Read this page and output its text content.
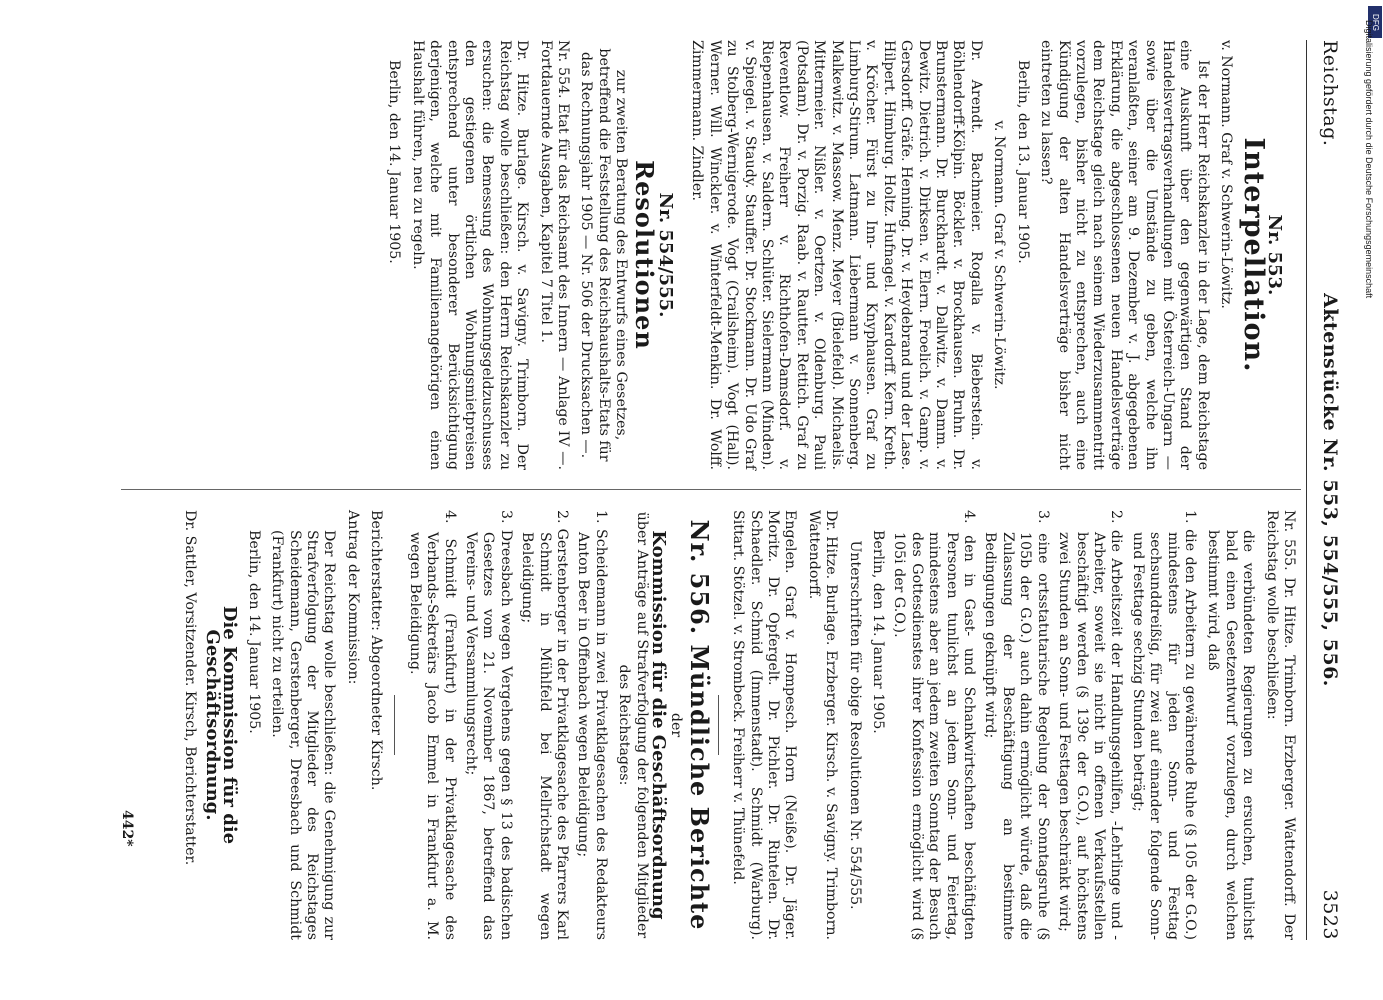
Reichstag.
Aktenstücke Nr. 553, 554/555, 556.
3523
Nr. 553.
Interpellation.

v. Normann. Graf v. Schwerin-Löwitz.

Ist der Herr Reichskanzler in der Lage, dem Reichstage eine Auskunft über den gegenwärtigen Stand der Handelsvertragsverhandlungen mit Österreich-Ungarn — sowie über die Umstände zu geben, welche ihn veranlaßten, seiner am 9. Dezember v. J. abgegebenen Erklärung, die abgeschlossenen neuen Handelsverträge dem Reichstage gleich nach seinem Wiederzusammentritt vorzulegen, bisher nicht zu entsprechen, auch eine Kündigung der alten Handelsverträge bisher nicht eintreten zu lassen?

Berlin, den 13. Januar 1905.

v. Normann. Graf v. Schwerin-Löwitz.

Dr. Arendt. Bachmeier. Rogalla v. Bieberstein. v. Böhlendorff-Kölpin. Böckler. v. Brockhausen. Bruhn. Dr. Brunstermann. Dr. Burckhardt. v. Dallwitz. v. Damm. v. Dewitz. Dietrich. v. Dirksen. v. Elern. Froelich. v. Gamp. v. Gersdorff. Gräfe. Henning. Dr. v. Heydebrand und der Lase. Hilpert. Himburg. Holtz. Hufnagel. v. Kardorff. Kern. Kreth. v. Kröcher. Fürst zu Inn- und Knyphausen. Graf zu Limburg-Stirum. Latmann. Liebermann v. Sonnenberg. Malkewitz. v. Massow. Menz. Meyer (Bielefeld). Michaelis. Mittermeier. Nißler. v. Oertzen. v. Oldenburg. Pauli (Potsdam). Dr. v. Porzig. Raab. v. Rautter. Rettich. Graf zu Reventlow. Freiherr v. Richthofen-Damsdorf. v. Riepenhausen. v. Saldern. Schlüter. Sielermann (Minden). v. Spiegel. v. Staudy. Stauffer. Dr. Stockmann. Dr. Udo Graf zu Stolberg-Wernigerode. Vogt (Crailsheim). Vogt (Hall). Werner. Will. Winckler. v. Winterfeldt-Menkin. Dr. Wolff. Zimmermann. Zindler.

Nr. 554/555.
Resolutionen

zur zweiten Beratung des Entwurfs eines Gesetzes, betreffend die Feststellung des Reichshaushalts-Etats für das Rechnungsjahr 1905 — Nr. 506 der Drucksachen —.

Nr. 554. Etat für das Reichsamt des Innern — Anlage IV —. Fortdauernde Ausgaben, Kapitel 7 Titel 1.

Dr. Hitze. Burlage. Kirsch. v. Savigny. Trimborn. Der Reichstag wolle beschließen: den Herrn Reichskanzler zu ersuchen: die Bemessung des Wohnungsgeldzuschusses den gestiegenen örtlichen Wohnungsmietpreisen entsprechend unter besonderer Berücksichtigung derjenigen, welche mit Familienangehörigen einen Haushalt führen, neu zu regeln.

Berlin, den 14. Januar 1905.

Nr. 555. Dr. Hitze. Trimborn. Erzberger. Wattendorff. Der Reichstag wolle beschließen:

die verbündeten Regierungen zu ersuchen, tunlichst bald einen Gesetzentwurf vorzulegen, durch welchen bestimmt wird, daß

1. die den Arbeitern zu gewährende Ruhe (§ 105 der G.O.) mindestens für jeden Sonn- und Festtag sechsunddreißig, für zwei auf einander folgende Sonn- und Festtage sechzig Stunden beträgt;
2. die Arbeitszeit der Handlungsgehilfen, -Lehrlinge und -Arbeiter, soweit sie nicht in offenen Verkaufsstellen beschäftigt werden (§ 139c der G.O.), auf höchstens zwei Stunden an Sonn- und Festtagen beschränkt wird;
3. eine ortsstatutarische Regelung der Sonntagsruhe (§ 105b der G.O.) auch dahin ermöglicht würde, daß die Zulassung der Beschäftigung an bestimmte Bedingungen geknüpft wird;
4. den in Gast- und Schankwirtschaften beschäftigten Personen tunlichst an jedem Sonn- und Feiertag, mindestens aber an jedem zweiten Sonntag der Besuch des Gottesdienstes ihrer Konfession ermöglicht wird (§ 105i der G.O.).

Berlin, den 14. Januar 1905.

Unterschriften für obige Resolutionen Nr. 554/555.

Dr. Hitze. Burlage. Erzberger. Kirsch. v. Savigny. Trimborn. Wattendorff.

Engelen. Graf v. Hompesch. Horn (Neiße). Dr. Jäger. Moritz. Dr. Opfergelt. Dr. Pichler. Dr. Rintelen. Dr. Schaedler. Schmid (Immenstadt). Schmidt (Warburg). Sittart. Stötzel. v. Strombeck. Freiherr v. Thünefeld.

Nr. 556. Mündliche Berichte
der
Kommission für die Geschäftsordnung

über Anträge auf Strafverfolgung der folgenden Mitglieder des Reichstages:

1. Scheidemann in zwei Privatklagesachen des Redakteurs Anton Beer in Offenbach wegen Beleidigung;
2. Gerstenberger in der Privatklagesache des Pfarrers Karl Schmidt in Mühlfeld bei Mellrichstadt wegen Beleidigung;
3. Dreesbach wegen Vergehens gegen § 13 des badischen Gesetzes vom 21. November 1867, betreffend das Vereins- und Versammlungsrecht;
4. Schmidt (Frankfurt) in der Privatklagesache des Verbands-Sekretärs Jacob Emmel in Frankfurt a. M. wegen Beleidigung.

Berichterstatter: Abgeordneter Kirsch.

Antrag der Kommission:

Der Reichstag wolle beschließen: die Genehmigung zur Strafverfolgung der Mitglieder des Reichstages Scheidemann, Gerstenberger, Dreesbach und Schmidt (Frankfurt) nicht zu erteilen.

Berlin, den 14. Januar 1905.

Die Kommission für die Geschäftsordnung.

Dr. Sattler, Vorsitzender. Kirsch, Berichterstatter.

442*
DFG
Digitalisierung gefördert durch die Deutsche Forschungsgemeinschaft
